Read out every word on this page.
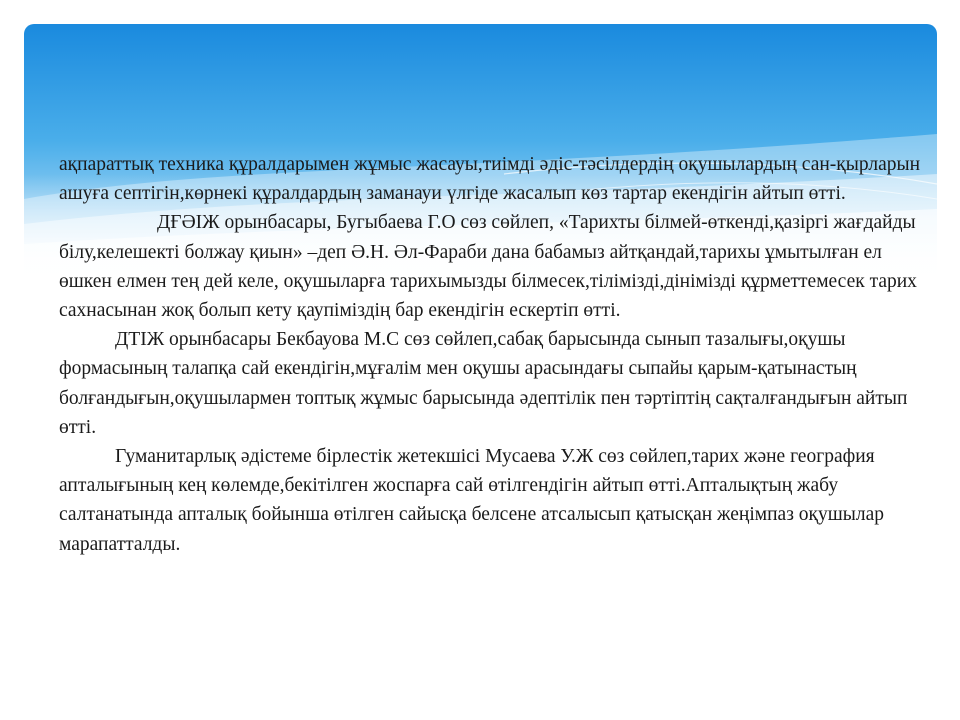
ақпараттық техника құралдарымен жұмыс жасауы,тиімді әдіс-тәсілдердің оқушылардың сан-қырларын ашуға септігін,көрнекі құралдардың заманауи үлгіде жасалып көз тартар екендігін айтып өтті.

ДҒӘІЖ орынбасары, Бугыбаева Г.О сөз сөйлеп, «Тарихты білмей-өткенді,қазіргі жағдайды білу,келешекті болжау қиын» –деп Ә.Н. Әл-Фараби дана бабамыз айтқандай,тарихы ұмытылған ел өшкен елмен тең дей келе, оқушыларға тарихымызды білмесек,тілімізді,дінімізді құрметтемесек тарих сахнасынан жоқ болып кету қаупіміздің бар екендігін ескертіп өтті.

ДТІЖ орынбасары Бекбауова М.С сөз сөйлеп,сабақ барысында сынып тазалығы,оқушы формасының талапқа сай екендігін,мұғалім мен оқушы арасындағы сыпайы қарым-қатынастың болғандығын,оқушылармен топтық жұмыс барысында әдептілік пен тәртіптің сақталғандығын айтып өтті.

Гуманитарлық әдістеме бірлестік жетекшісі Мусаева У.Ж сөз сөйлеп,тарих және география апталығының кең көлемде,бекітілген жоспарға сай өтілгендігін айтып өтті.Апталықтың жабу салтанатында апталық бойынша өтілген сайысқа белсене атсалысып қатысқан жеңімпаз оқушылар марапатталды.
